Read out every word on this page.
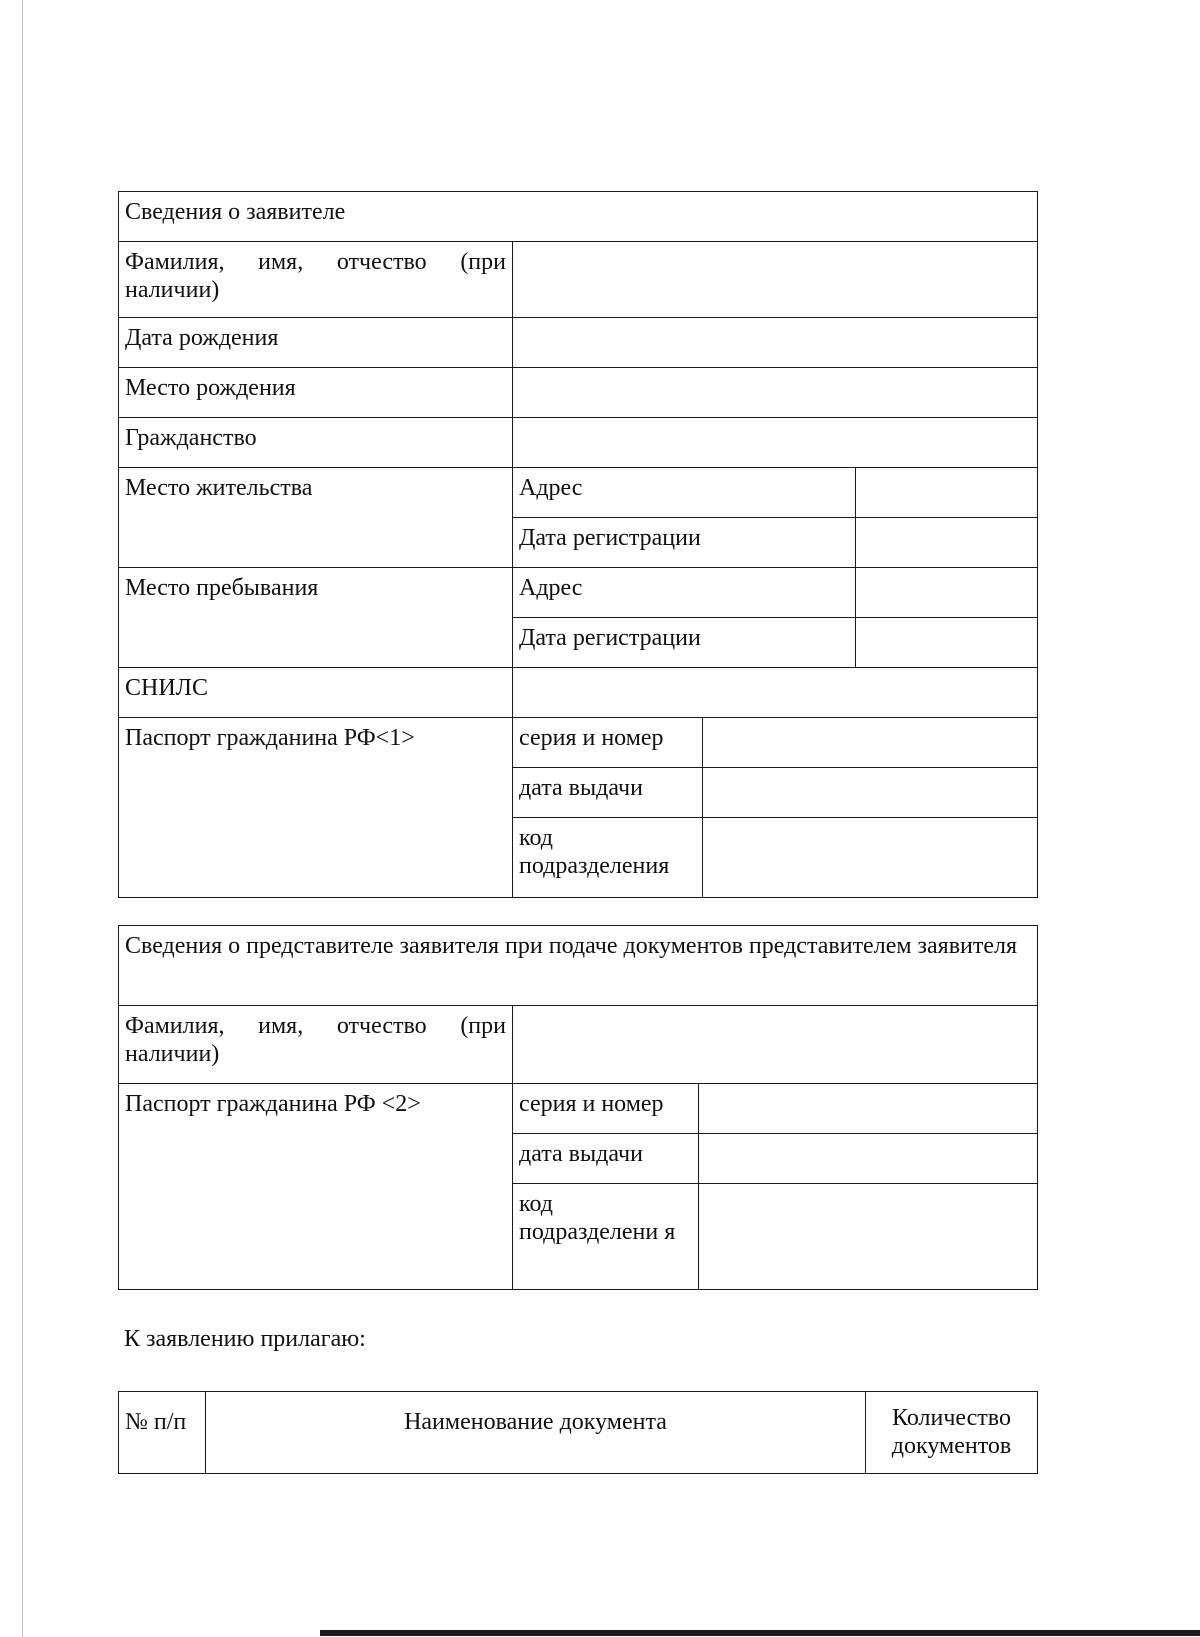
Сведения о заявителе			
Фамилия, имя, отчество (при наличии)			
Дата рождения			
Место рождения			
Гражданство			
Место жительства	Адрес		
	Дата регистрации		
Место пребывания	Адрес		
	Дата регистрации		
СНИЛС			
Паспорт гражданина РФ<1>	серия и номер		
	дата выдачи		
	код подразделения		
Сведения о представителе заявителя при подаче документов представителем заявителя		
Фамилия, имя, отчество (при наличии)		
Паспорт гражданина РФ <2>	серия и номер	
	дата выдачи	
	код подразделени я	
К заявлению прилагаю:
№ п/п	Наименование документа	Количество документов
